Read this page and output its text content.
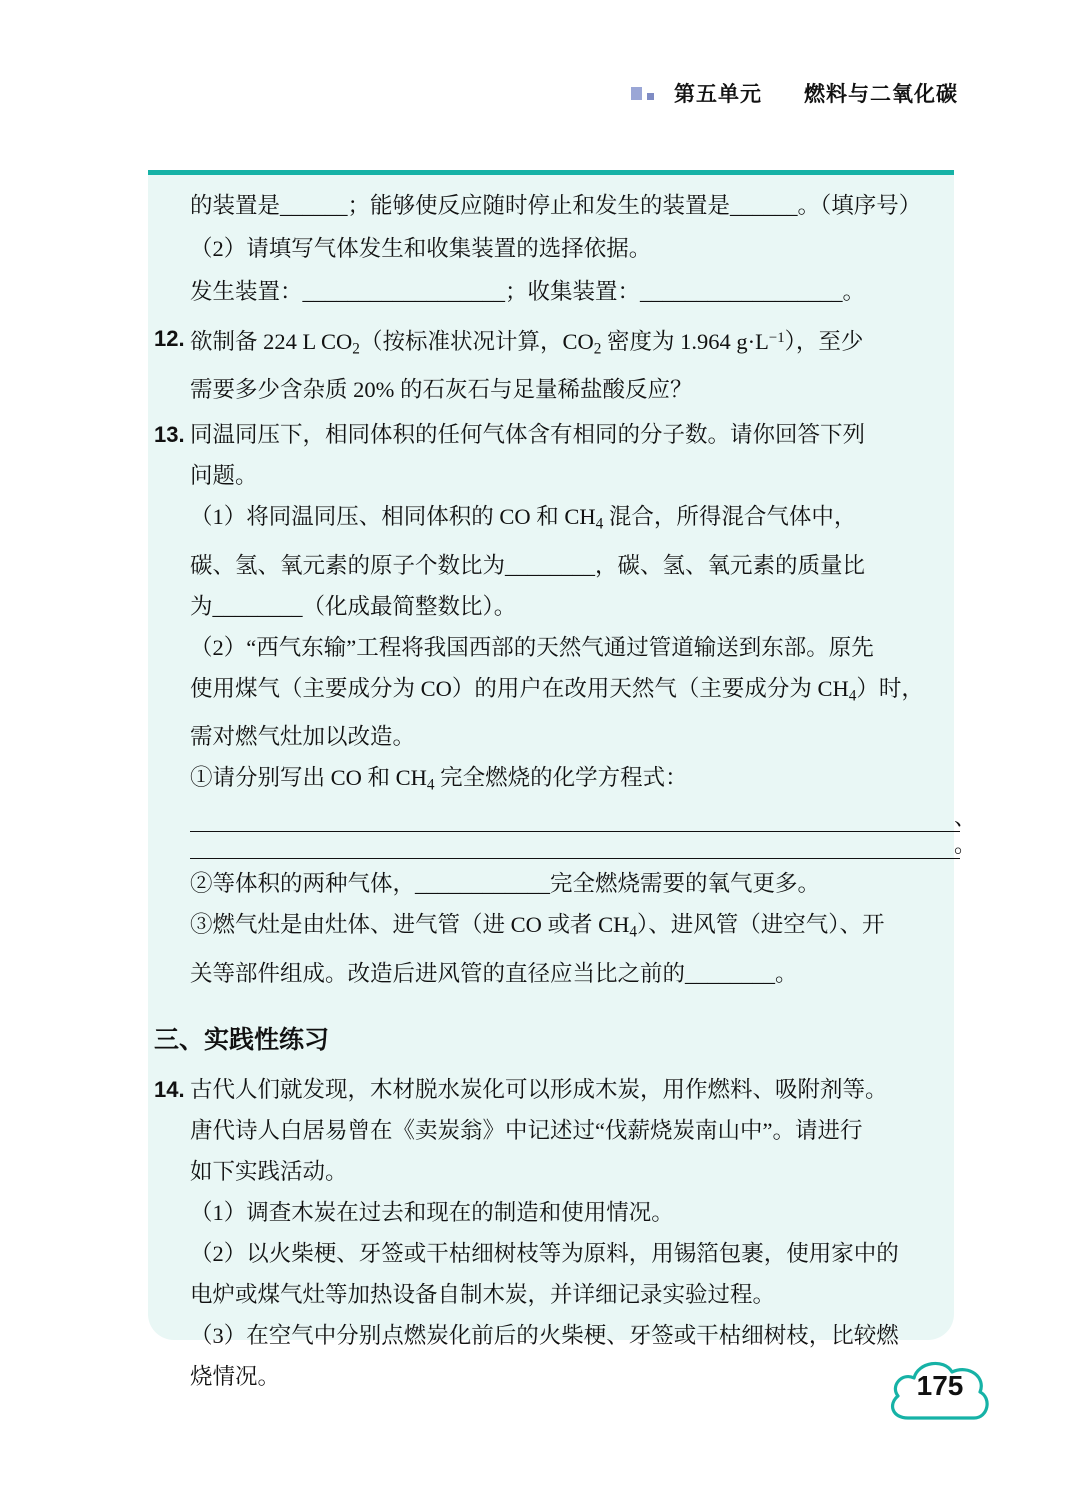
第五单元 燃料与二氧化碳

的装置是______；能够使反应随时停止和发生的装置是______。（填序号）

（2）请填写气体发生和收集装置的选择依据。

发生装置：__________________；收集装置：__________________。

12. 欲制备 224 L $CO_2$（按标准状况计算，$CO_2$ 密度为 1.964 $g\cdot L^{-1}$），至少
需要多少含杂质 20% 的石灰石与足量稀盐酸反应？
13. 同温同压下，相同体积的任何气体含有相同的分子数。请你回答下列
问题。
（1）将同温同压、相同体积的 CO 和 $CH_4$ 混合，所得混合气体中，
碳、氢、氧元素的原子个数比为________，碳、氢、氧元素的质量比
为________（化成最简整数比）。
（2）“西气东输”工程将我国西部的天然气通过管道输送到东部。原先
使用煤气（主要成分为 CO）的用户在改用天然气（主要成分为 $CH_4$）时，
需对燃气灶加以改造。
①请分别写出 CO 和 $CH_4$ 完全燃烧的化学方程式：
、
。
②等体积的两种气体，____________完全燃烧需要的氧气更多。
③燃气灶是由灶体、进气管（进 CO 或者 $CH_4$）、进风管（进空气）、开
关等部件组成。改造后进风管的直径应当比之前的________。

三、实践性练习

14. 古代人们就发现，木材脱水炭化可以形成木炭，用作燃料、吸附剂等。
唐代诗人白居易曾在《卖炭翁》中记述过“伐薪烧炭南山中”。请进行
如下实践活动。
（1）调查木炭在过去和现在的制造和使用情况。
（2）以火柴梗、牙签或干枯细树枝等为原料，用锡箔包裹，使用家中的
电炉或煤气灶等加热设备自制木炭，并详细记录实验过程。
（3）在空气中分别点燃炭化前后的火柴梗、牙签或干枯细树枝，比较燃
烧情况。	175
